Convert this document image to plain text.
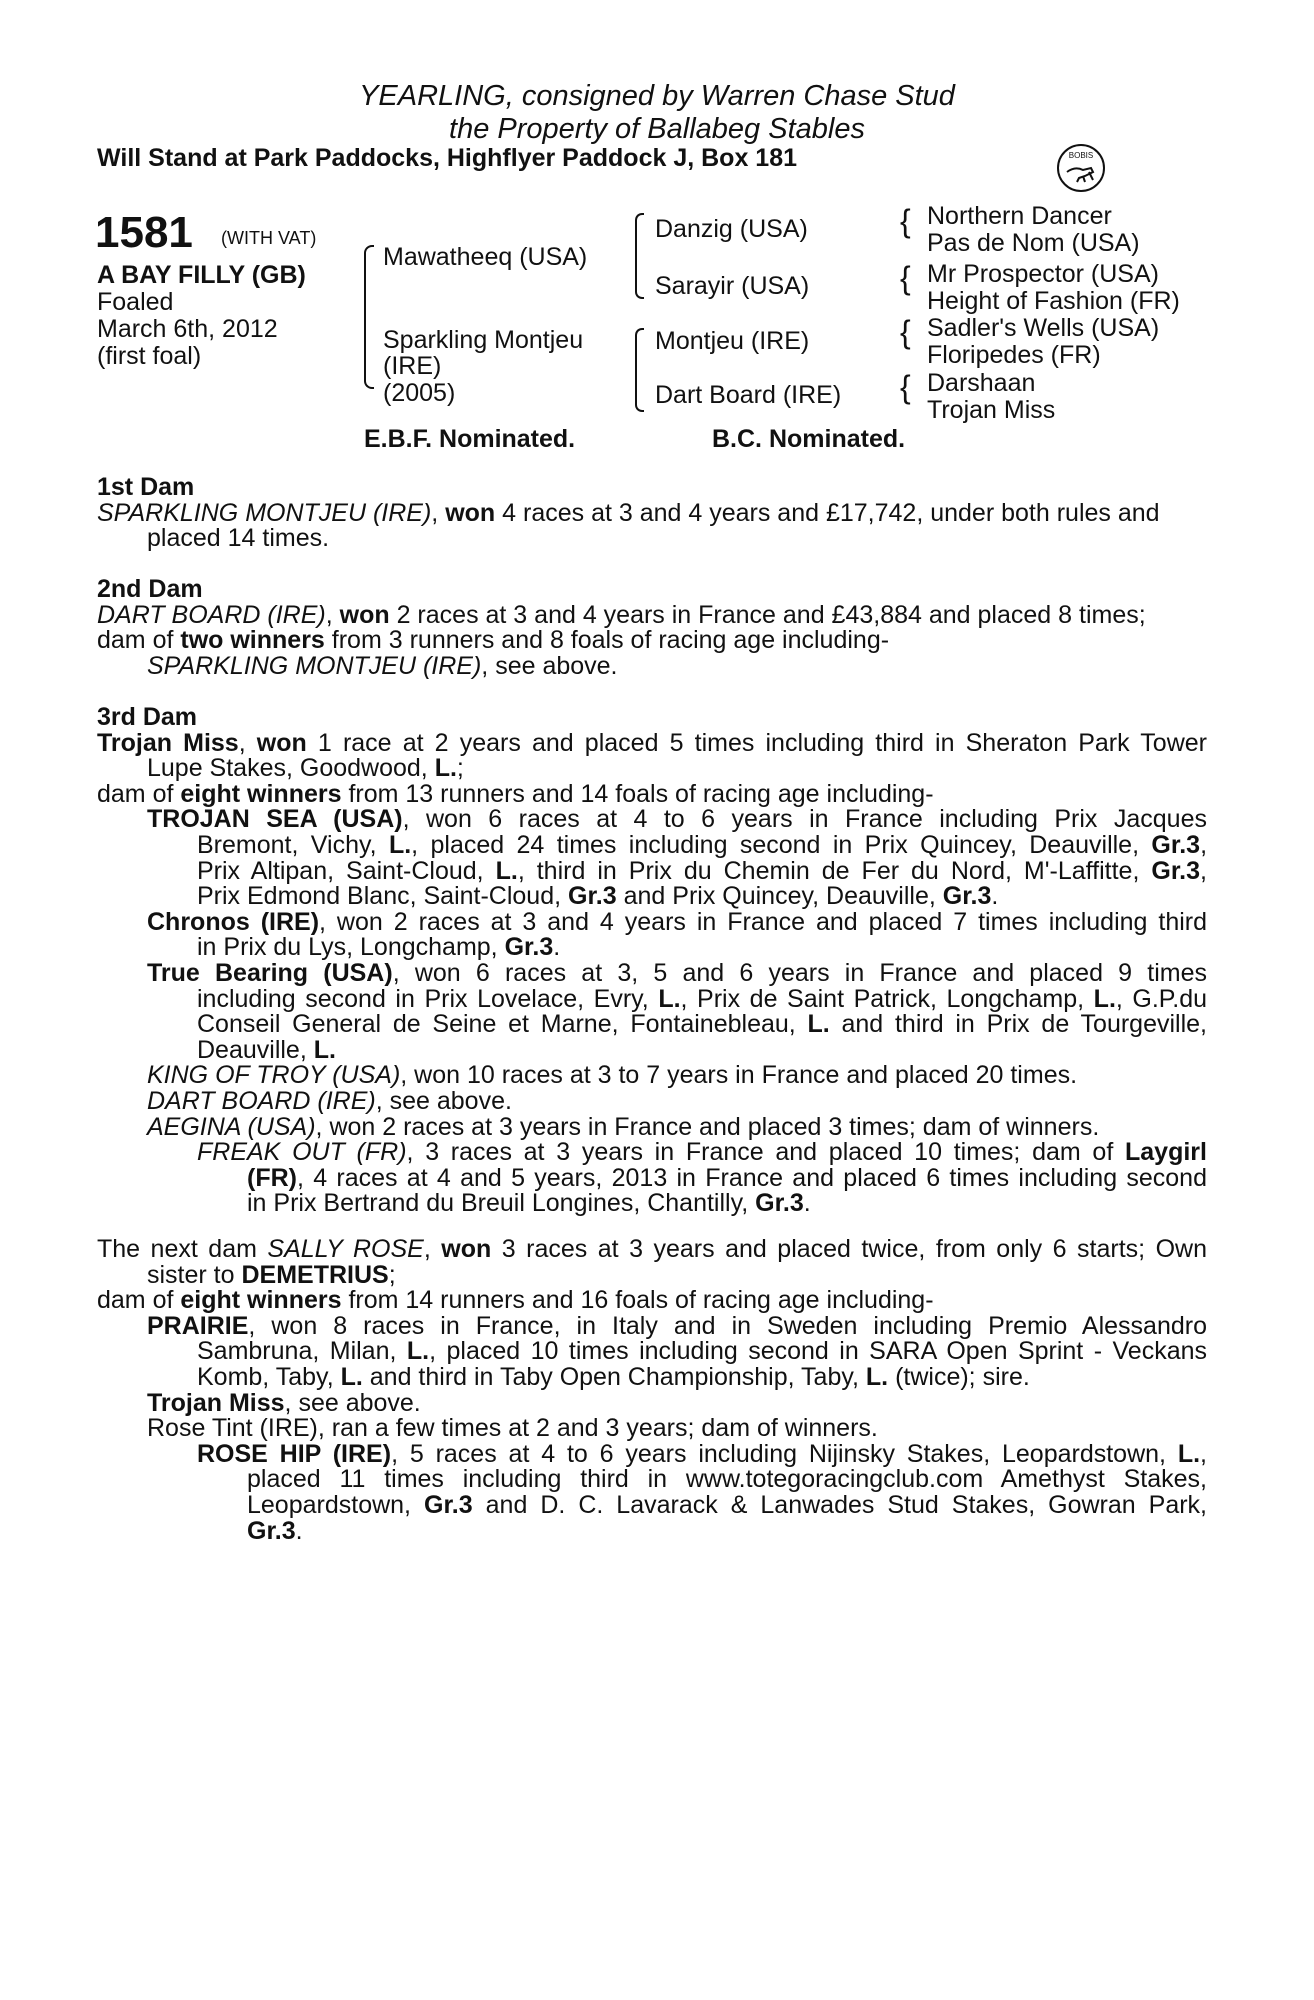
YEARLING, consigned by Warren Chase Stud
the Property of Ballabeg Stables
Will Stand at Park Paddocks, Highflyer Paddock J, Box 181	BOBIS
1581 (WITH VAT)
A BAY FILLY (GB)
Foaled
March 6th, 2012
(first foal)
Mawatheeq (USA)
Sparkling Montjeu
(IRE)
(2005)
Danzig (USA)
Sarayir (USA)
Montjeu (IRE)
Dart Board (IRE)
{
{
{
{
Northern Dancer
Pas de Nom (USA)
Mr Prospector (USA)
Height of Fashion (FR)
Sadler's Wells (USA)
Floripedes (FR)
Darshaan
Trojan Miss
E.B.F. Nominated.	B.C. Nominated.
1st Dam
SPARKLING MONTJEU (IRE), won 4 races at 3 and 4 years and £17,742, under both rules and
placed 14 times.
2nd Dam
DART BOARD (IRE), won 2 races at 3 and 4 years in France and £43,884 and placed 8 times;
dam of two winners from 3 runners and 8 foals of racing age including-
SPARKLING MONTJEU (IRE), see above.
3rd Dam
Trojan Miss, won 1 race at 2 years and placed 5 times including third in Sheraton Park Tower
Lupe Stakes, Goodwood, L.;
dam of eight winners from 13 runners and 14 foals of racing age including-
TROJAN SEA (USA), won 6 races at 4 to 6 years in France including Prix Jacques
Bremont, Vichy, L., placed 24 times including second in Prix Quincey, Deauville, Gr.3,
Prix Altipan, Saint-Cloud, L., third in Prix du Chemin de Fer du Nord, M'-Laffitte, Gr.3,
Prix Edmond Blanc, Saint-Cloud, Gr.3 and Prix Quincey, Deauville, Gr.3.
Chronos (IRE), won 2 races at 3 and 4 years in France and placed 7 times including third
in Prix du Lys, Longchamp, Gr.3.
True Bearing (USA), won 6 races at 3, 5 and 6 years in France and placed 9 times
including second in Prix Lovelace, Evry, L., Prix de Saint Patrick, Longchamp, L., G.P.du
Conseil General de Seine et Marne, Fontainebleau, L. and third in Prix de Tourgeville,
Deauville, L.
KING OF TROY (USA), won 10 races at 3 to 7 years in France and placed 20 times.
DART BOARD (IRE), see above.
AEGINA (USA), won 2 races at 3 years in France and placed 3 times; dam of winners.
FREAK OUT (FR), 3 races at 3 years in France and placed 10 times; dam of Laygirl
(FR), 4 races at 4 and 5 years, 2013 in France and placed 6 times including second
in Prix Bertrand du Breuil Longines, Chantilly, Gr.3.
The next dam SALLY ROSE, won 3 races at 3 years and placed twice, from only 6 starts; Own
sister to DEMETRIUS;
dam of eight winners from 14 runners and 16 foals of racing age including-
PRAIRIE, won 8 races in France, in Italy and in Sweden including Premio Alessandro
Sambruna, Milan, L., placed 10 times including second in SARA Open Sprint - Veckans
Komb, Taby, L. and third in Taby Open Championship, Taby, L. (twice); sire.
Trojan Miss, see above.
Rose Tint (IRE), ran a few times at 2 and 3 years; dam of winners.
ROSE HIP (IRE), 5 races at 4 to 6 years including Nijinsky Stakes, Leopardstown, L.,
placed 11 times including third in www.totegoracingclub.com Amethyst Stakes,
Leopardstown, Gr.3 and D. C. Lavarack & Lanwades Stud Stakes, Gowran Park,
Gr.3.
